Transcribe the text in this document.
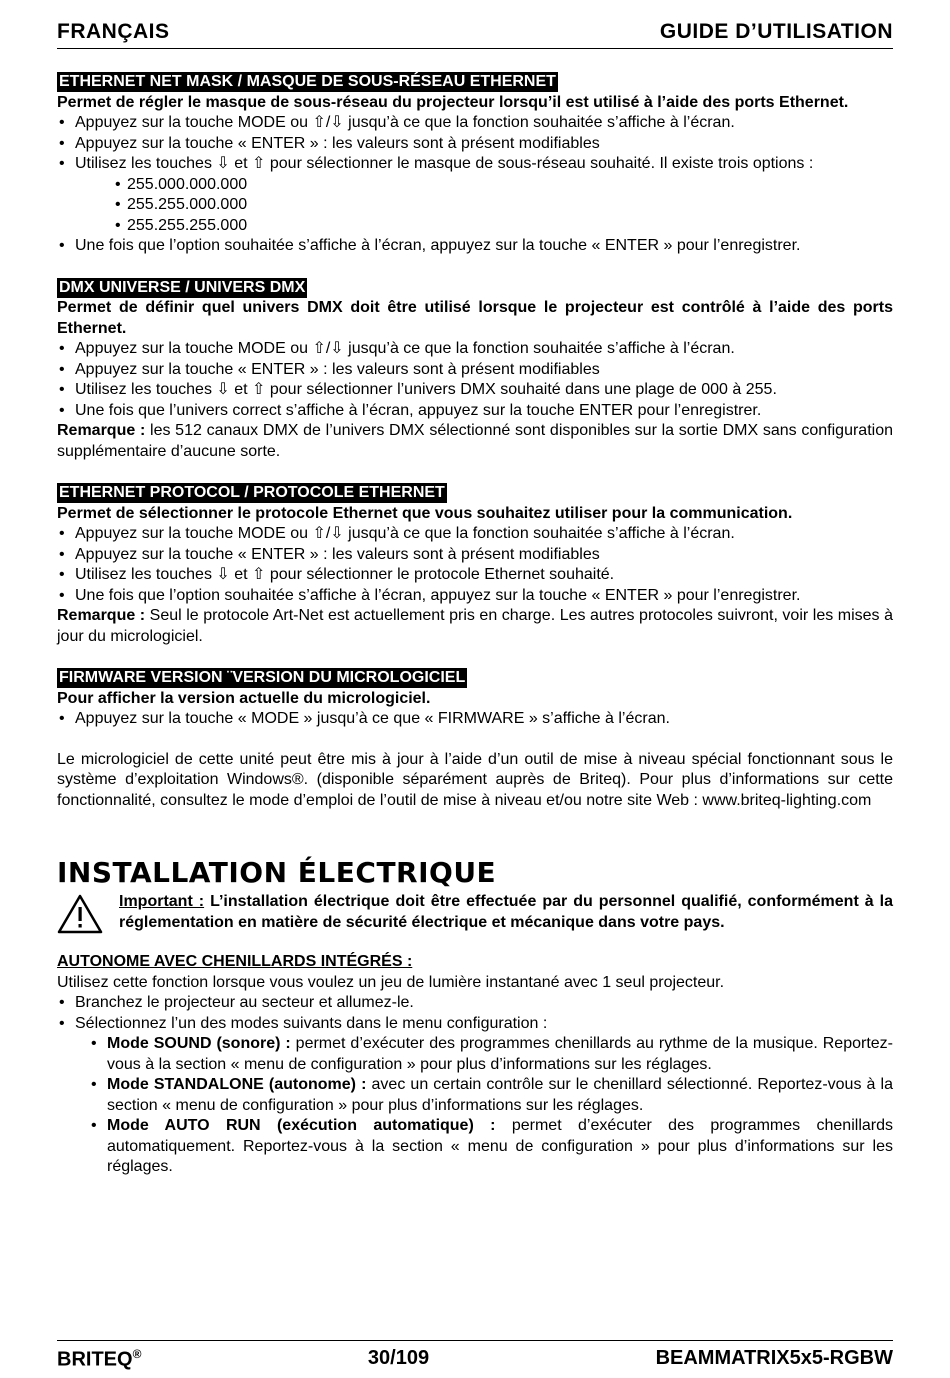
FRANÇAIS	GUIDE D’UTILISATION
ETHERNET NET MASK / MASQUE DE SOUS-RÉSEAU ETHERNET
Permet de régler le masque de sous-réseau du projecteur lorsqu’il est utilisé à l’aide des ports Ethernet.
• Appuyez sur la touche MODE ou ⇧/⇩ jusqu’à ce que la fonction souhaitée s’affiche à l’écran.
• Appuyez sur la touche « ENTER » : les valeurs sont à présent modifiables
• Utilisez les touches ⇩ et ⇧ pour sélectionner le masque de sous-réseau souhaité. Il existe trois options :
• 255.000.000.000
• 255.255.000.000
• 255.255.255.000
• Une fois que l’option souhaitée s’affiche à l’écran, appuyez sur la touche « ENTER » pour l’enregistrer.
DMX UNIVERSE / UNIVERS DMX
Permet de définir quel univers DMX doit être utilisé lorsque le projecteur est contrôlé à l’aide des ports Ethernet.
• Appuyez sur la touche MODE ou ⇧/⇩ jusqu’à ce que la fonction souhaitée s’affiche à l’écran.
• Appuyez sur la touche « ENTER » : les valeurs sont à présent modifiables
• Utilisez les touches ⇩ et ⇧ pour sélectionner l’univers DMX souhaité dans une plage de 000 à 255.
• Une fois que l’univers correct s’affiche à l’écran, appuyez sur la touche ENTER pour l’enregistrer.
Remarque : les 512 canaux DMX de l’univers DMX sélectionné sont disponibles sur la sortie DMX sans configuration supplémentaire d’aucune sorte.
ETHERNET PROTOCOL / PROTOCOLE ETHERNET
Permet de sélectionner le protocole Ethernet que vous souhaitez utiliser pour la communication.
• Appuyez sur la touche MODE ou ⇧/⇩ jusqu’à ce que la fonction souhaitée s’affiche à l’écran.
• Appuyez sur la touche « ENTER » : les valeurs sont à présent modifiables
• Utilisez les touches ⇩ et ⇧ pour sélectionner le protocole Ethernet souhaité.
• Une fois que l’option souhaitée s’affiche à l’écran, appuyez sur la touche « ENTER » pour l’enregistrer.
Remarque : Seul le protocole Art-Net est actuellement pris en charge. Les autres protocoles suivront, voir les mises à jour du micrologiciel.
FIRMWARE VERSION ¨VERSION DU MICROLOGICIEL
Pour afficher la version actuelle du micrologiciel.
• Appuyez sur la touche « MODE » jusqu’à ce que « FIRMWARE » s’affiche à l’écran.
Le micrologiciel de cette unité peut être mis à jour à l’aide d’un outil de mise à niveau spécial fonctionnant sous le système d’exploitation Windows®. (disponible séparément auprès de Briteq). Pour plus d’informations sur cette fonctionnalité, consultez le mode d’emploi de l’outil de mise à niveau et/ou notre site Web : www.briteq-lighting.com
INSTALLATION ÉLECTRIQUE
Important : L’installation électrique doit être effectuée par du personnel qualifié, conformément à la réglementation en matière de sécurité électrique et mécanique dans votre pays.
AUTONOME AVEC CHENILLARDS INTÉGRÉS :
Utilisez cette fonction lorsque vous voulez un jeu de lumière instantané avec 1 seul projecteur.
• Branchez le projecteur au secteur et allumez-le.
• Sélectionnez l’un des modes suivants dans le menu configuration :
• Mode SOUND (sonore) : permet d’exécuter des programmes chenillards au rythme de la musique. Reportez-vous à la section « menu de configuration » pour plus d’informations sur les réglages.
• Mode STANDALONE (autonome) : avec un certain contrôle sur le chenillard sélectionné. Reportez-vous à la section « menu de configuration » pour plus d’informations sur les réglages.
• Mode AUTO RUN (exécution automatique) : permet d’exécuter des programmes chenillards automatiquement. Reportez-vous à la section « menu de configuration » pour plus d’informations sur les réglages.
BRITEQ®	30/109	BEAMMATRIX5x5-RGBW
